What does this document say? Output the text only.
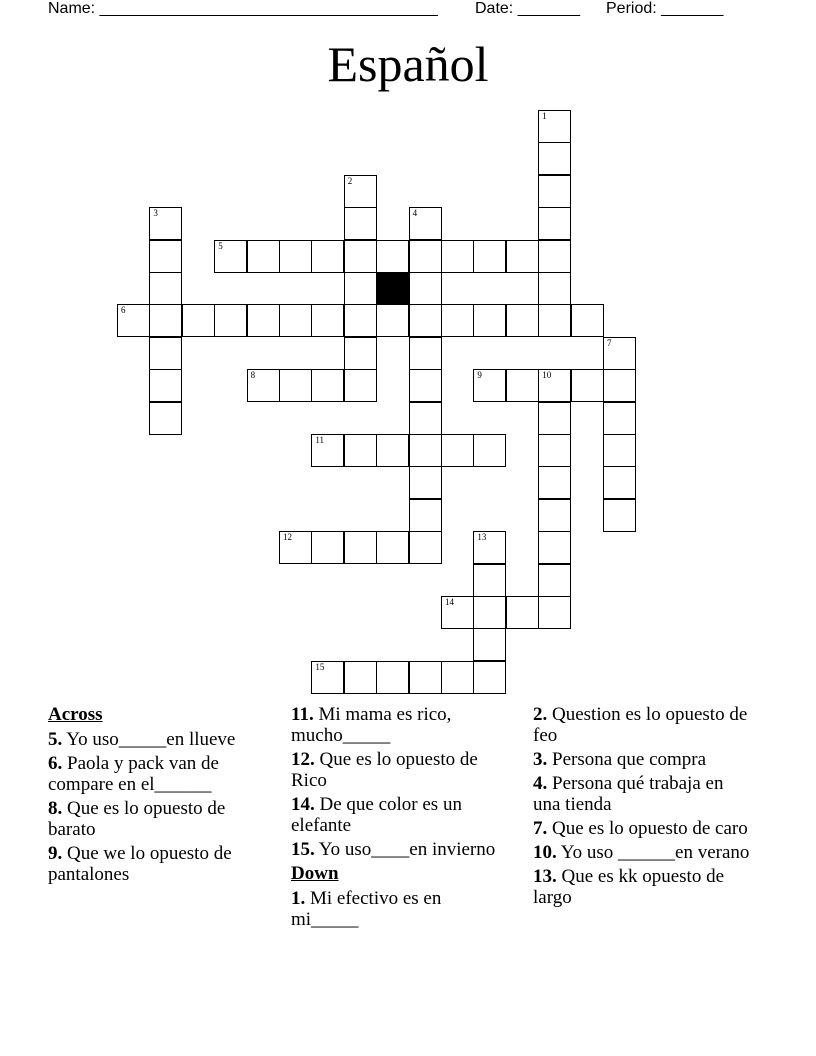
Name: ______________________________________ Date: _______ Period: _______
Español
1
2
3	4
5
6
7
8	9	10
11
12	13
14
15
Across
5. Yo uso_____en llueve
6. Paola y pack van de compare en el______
8. Que es lo opuesto de barato
9. Que we lo opuesto de pantalones
11. Mi mama es rico, mucho_____
12. Que es lo opuesto de Rico
14. De que color es un elefante
15. Yo uso____en invierno
Down
1. Mi efectivo es en mi_____
2. Question es lo opuesto de feo
3. Persona que compra
4. Persona qué trabaja en una tienda
7. Que es lo opuesto de caro
10. Yo uso ______en verano
13. Que es kk opuesto de largo
